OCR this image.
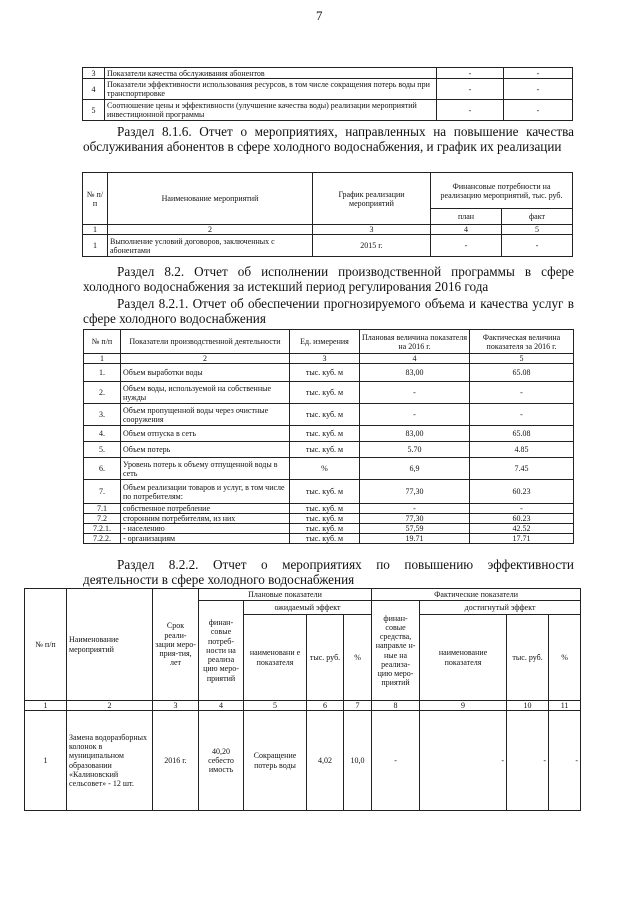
7
3	Показатели качества обслуживания абонентов	-	-
4	Показатели эффективности использования ресурсов, в том числе сокращения потерь воды при транспортировке	-	-
5	Соотношение цены и эффективности (улучшение качества воды) реализации мероприятий инвестиционной программы	-	-
Раздел 8.1.6. Отчет о мероприятиях, направленных на повышение качества обслуживания абонентов в сфере холодного водоснабжения, и график их реализации
№ п/п	Наименование мероприятий	График реализации мероприятий	Финансовые потребности на реализацию мероприятий, тыс. руб.	
			план	факт
1	2	3	4	5
1	Выполнение условий договоров, заключенных с абонентами	2015 г.	-	-
Раздел 8.2. Отчет об исполнении производственной программы в сфере холодного водоснабжения за истекший период регулирования 2016 года
Раздел 8.2.1. Отчет об обеспечении прогнозируемого объема и качества услуг в сфере холодного водоснабжения
№ п/п	Показатели производственной деятельности	Ед. измерения	Плановая величина показателя на 2016 г.	Фактическая величина показателя за 2016 г.
1	2	3	4	5
1.	Объем выработки воды	тыс. куб. м	83,00	65.08
2.	Объем воды, используемой на собственные нужды	тыс. куб. м	-	-
3.	Объем пропущенной воды через очистные сооружения	тыс. куб. м	-	-
4.	Объем отпуска в сеть	тыс. куб. м	83,00	65.08
5.	Объем потерь	тыс. куб. м	5.70	4.85
6.	Уровень потерь к объему отпущенной воды в сеть	%	6,9	7.45
7.	Объем реализации товаров и услуг, в том числе по потребителям:	тыс. куб. м	77,30	60.23
7.1	собственное потребление	тыс. куб. м	-	-
7.2	сторонним потребителям, из них	тыс. куб. м	77,30	60.23
7.2.1.	- населению	тыс. куб. м	57,59	42.52
7.2.2.	- организациям	тыс. куб. м	19.71	17.71
Раздел 8.2.2. Отчет о мероприятиях по повышению эффективности деятельности в сфере холодного водоснабжения
№ п/п	Наименование мероприятий	Срок реали-зации меро-прия-тия, лет	Плановые показатели				Фактические показатели			
			финан-совые потреб-ности на реализа цию меро-приятий	ожидаемый эффект			финан-совые средства, направле н-ные на реализа-цию меро-приятий	достигнутый эффект		
				наименовани е показателя	тыс. руб.	%		наименование показателя	тыс. руб.	%
1	2	3	4	5	6	7	8	9	10	11
1	Замена водоразборных колонок в муниципальном образовании «Калиновский сельсовет» - 12 шт.	2016 г.	40,20 себесто имость	Сокращение потерь воды	4,02	10,0	-	-	-	-
